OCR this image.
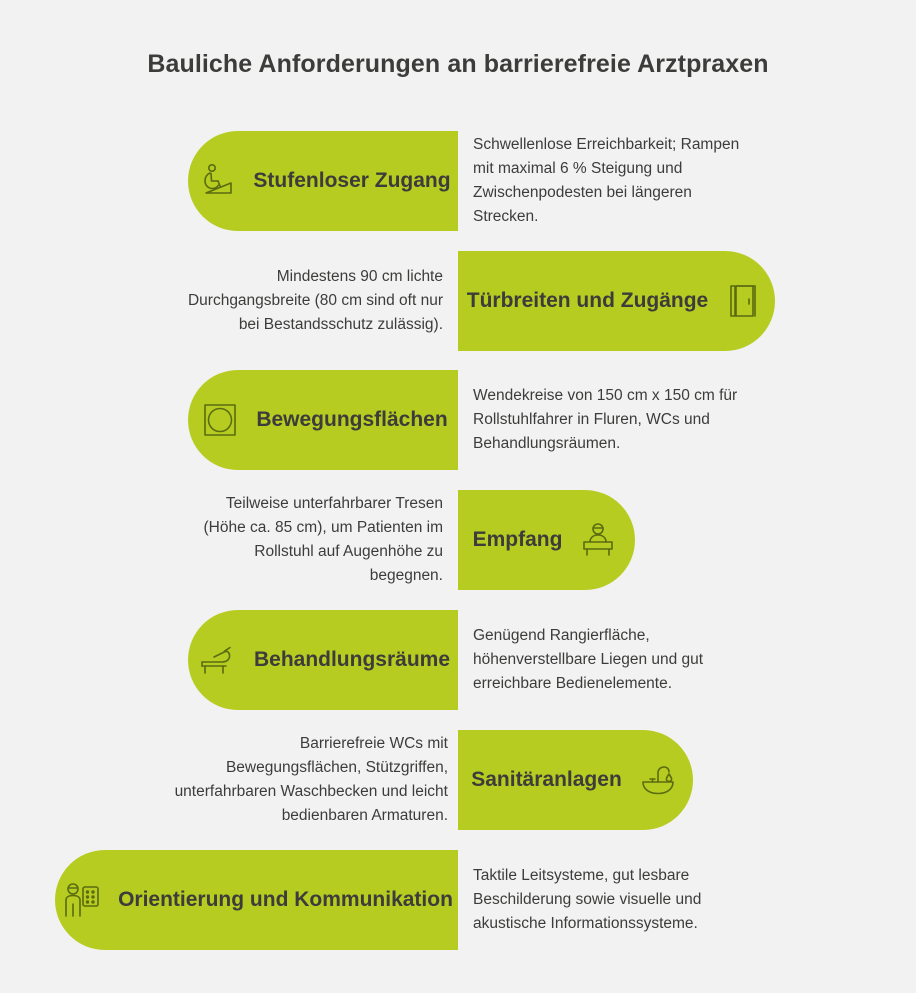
Bauliche Anforderungen an barrierefreie Arztpraxen
Stufenloser Zugang

Schwellenlose Erreichbarkeit; Rampen mit maximal 6 % Steigung und Zwischenpodesten bei längeren Strecken.

Mindestens 90 cm lichte Durchgangsbreite (80 cm sind oft nur bei Bestandsschutz zulässig).

Türbreiten und Zugänge
Bewegungsflächen

Wendekreise von 150 cm x 150 cm für Rollstuhlfahrer in Fluren, WCs und Behandlungsräumen.

Teilweise unterfahrbarer Tresen (Höhe ca. 85 cm), um Patienten im Rollstuhl auf Augenhöhe zu begegnen.

Empfang
Behandlungsräume

Genügend Rangierfläche, höhenverstellbare Liegen und gut erreichbare Bedienelemente.

Barrierefreie WCs mit Bewegungsflächen, Stützgriffen, unterfahrbaren Waschbecken und leicht bedienbaren Armaturen.

Sanitäranlagen
Orientierung und Kommunikation

Taktile Leitsysteme, gut lesbare Beschilderung sowie visuelle und akustische Informationssysteme.
